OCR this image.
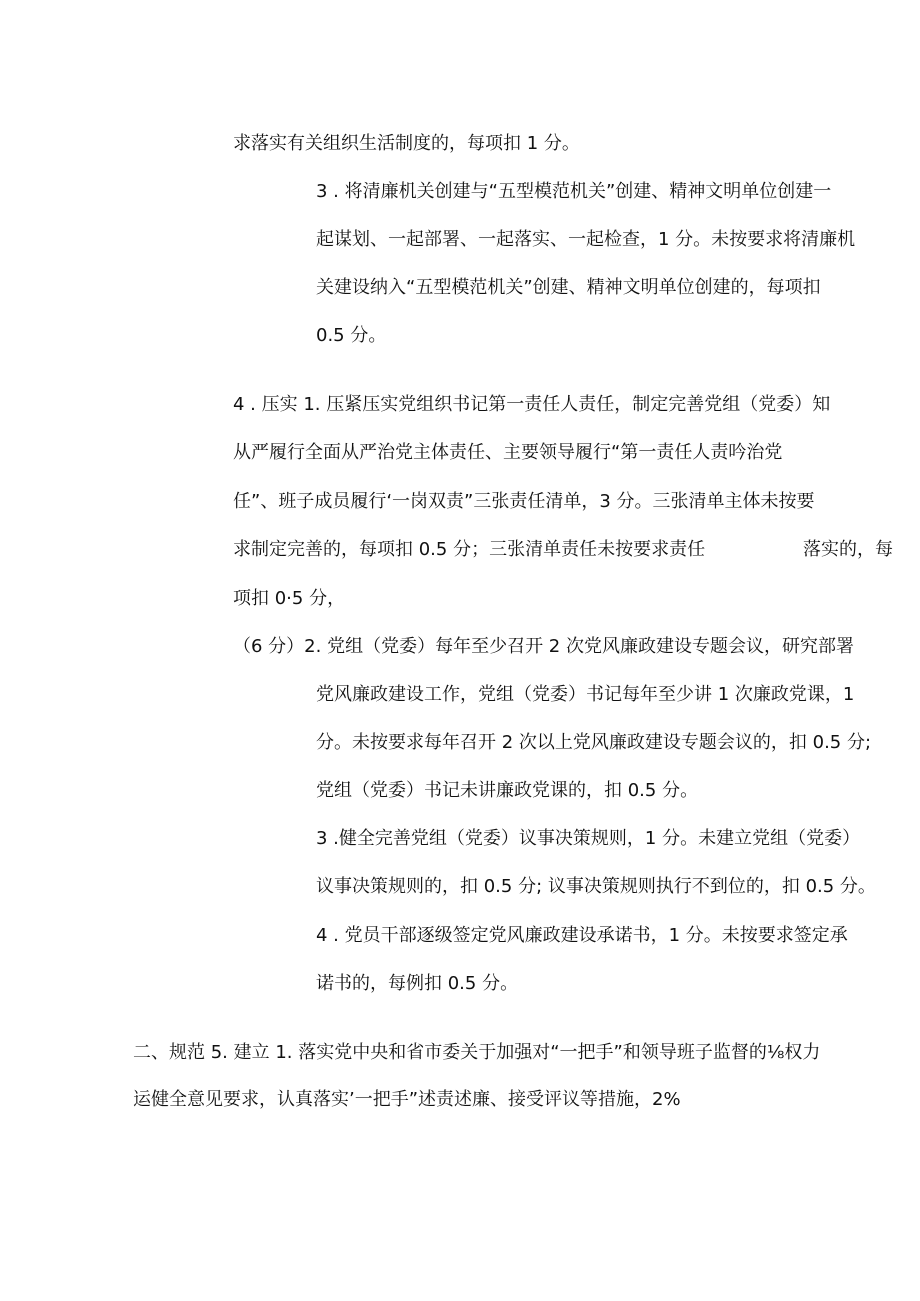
求落实有关组织生活制度的，每项扣 1 分。
3 . 将清廉机关创建与“五型模范机关”创建、精神文明单位创建一
起谋划、一起部署、一起落实、一起检查，1 分。未按要求将清廉机
关建设纳入“五型模范机关”创建、精神文明单位创建的，每项扣
0.5 分。
4 . 压实 1. 压紧压实党组织书记第一责任人责任，制定完善党组（党委）知
从严履行全面从严治党主体责任、主要领导履行“第一责任人责吟治党
任”、班子成员履行‘一岗双责”三张责任清单，3 分。三张清单主体未按要
求制定完善的，每项扣 0.5 分；三张清单责任未按要求责任	落实的，每
项扣 0·5 分，
（6 分）2. 党组（党委）每年至少召开 2 次党风廉政建设专题会议，研究部署
党风廉政建设工作，党组（党委）书记每年至少讲 1 次廉政党课，1
分。未按要求每年召开 2 次以上党风廉政建设专题会议的，扣 0.5 分;
党组（党委）书记未讲廉政党课的，扣 0.5 分。
3 .健全完善党组（党委）议事决策规则，1 分。未建立党组（党委）
议事决策规则的，扣 0.5 分; 议事决策规则执行不到位的，扣 0.5 分。
4 . 党员干部逐级签定党风廉政建设承诺书，1 分。未按要求签定承
诺书的，每例扣 0.5 分。
二、规范 5. 建立 1. 落实党中央和省市委关于加强对“一把手”和领导班子监督的⅛权力
运健全意见要求，认真落实’一把手”述责述廉、接受评议等措施，2%
